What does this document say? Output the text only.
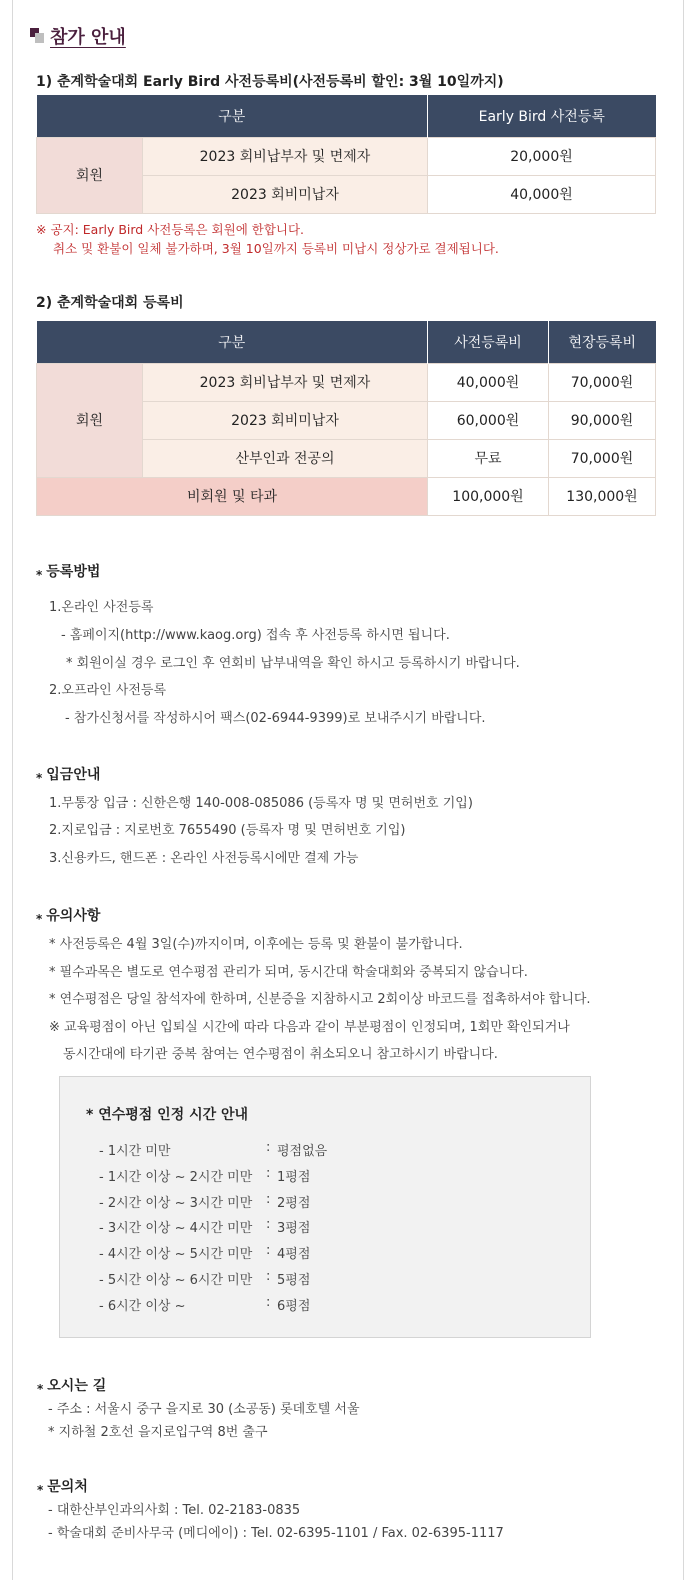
참가 안내
1) 춘계학술대회 Early Bird 사전등록비(사전등록비 할인: 3월 10일까지)
구분		Early Bird 사전등록
회원	2023 회비납부자 및 면제자	20,000원
	2023 회비미납자	40,000원
※ 공지: Early Bird 사전등록은 회원에 한합니다.
취소 및 환불이 일체 불가하며, 3월 10일까지 등록비 미납시 정상가로 결제됩니다.
2) 춘계학술대회 등록비
구분		사전등록비	현장등록비
회원	2023 회비납부자 및 면제자	40,000원	70,000원
	2023 회비미납자	60,000원	90,000원
	산부인과 전공의	무료	70,000원
비회원 및 타과		100,000원	130,000원
* 등록방법
1.온라인 사전등록
- 홈페이지(http://www.kaog.org) 접속 후 사전등록 하시면 됩니다.
* 회원이실 경우 로그인 후 연회비 납부내역을 확인 하시고 등록하시기 바랍니다.
2.오프라인 사전등록
- 참가신청서를 작성하시어 팩스(02-6944-9399)로 보내주시기 바랍니다.
* 입금안내
1.무통장 입금 : 신한은행 140-008-085086 (등록자 명 및 면허번호 기입)
2.지로입금 : 지로번호 7655490 (등록자 명 및 면허번호 기입)
3.신용카드, 핸드폰 : 온라인 사전등록시에만 결제 가능
* 유의사항
* 사전등록은 4월 3일(수)까지이며, 이후에는 등록 및 환불이 불가합니다.
* 필수과목은 별도로 연수평점 관리가 되며, 동시간대 학술대회와 중복되지 않습니다.
* 연수평점은 당일 참석자에 한하며, 신분증을 지참하시고 2회이상 바코드를 접촉하셔야 합니다.
※ 교육평점이 아닌 입퇴실 시간에 따라 다음과 같이 부분평점이 인정되며, 1회만 확인되거나
동시간대에 타기관 중복 참여는 연수평점이 취소되오니 참고하시기 바랍니다.
* 연수평점 인정 시간 안내
- 1시간 미만	: 평점없음
- 1시간 이상 ~ 2시간 미만 : 1평점
- 2시간 이상 ~ 3시간 미만 : 2평점
- 3시간 이상 ~ 4시간 미만 : 3평점
- 4시간 이상 ~ 5시간 미만 : 4평점
- 5시간 이상 ~ 6시간 미만 : 5평점
- 6시간 이상 ~	: 6평점
* 오시는 길
- 주소 : 서울시 중구 을지로 30 (소공동) 롯데호텔 서울
* 지하철 2호선 을지로입구역 8번 출구
* 문의처
- 대한산부인과의사회 : Tel. 02-2183-0835
- 학술대회 준비사무국 (메디에이) : Tel. 02-6395-1101 / Fax. 02-6395-1117
